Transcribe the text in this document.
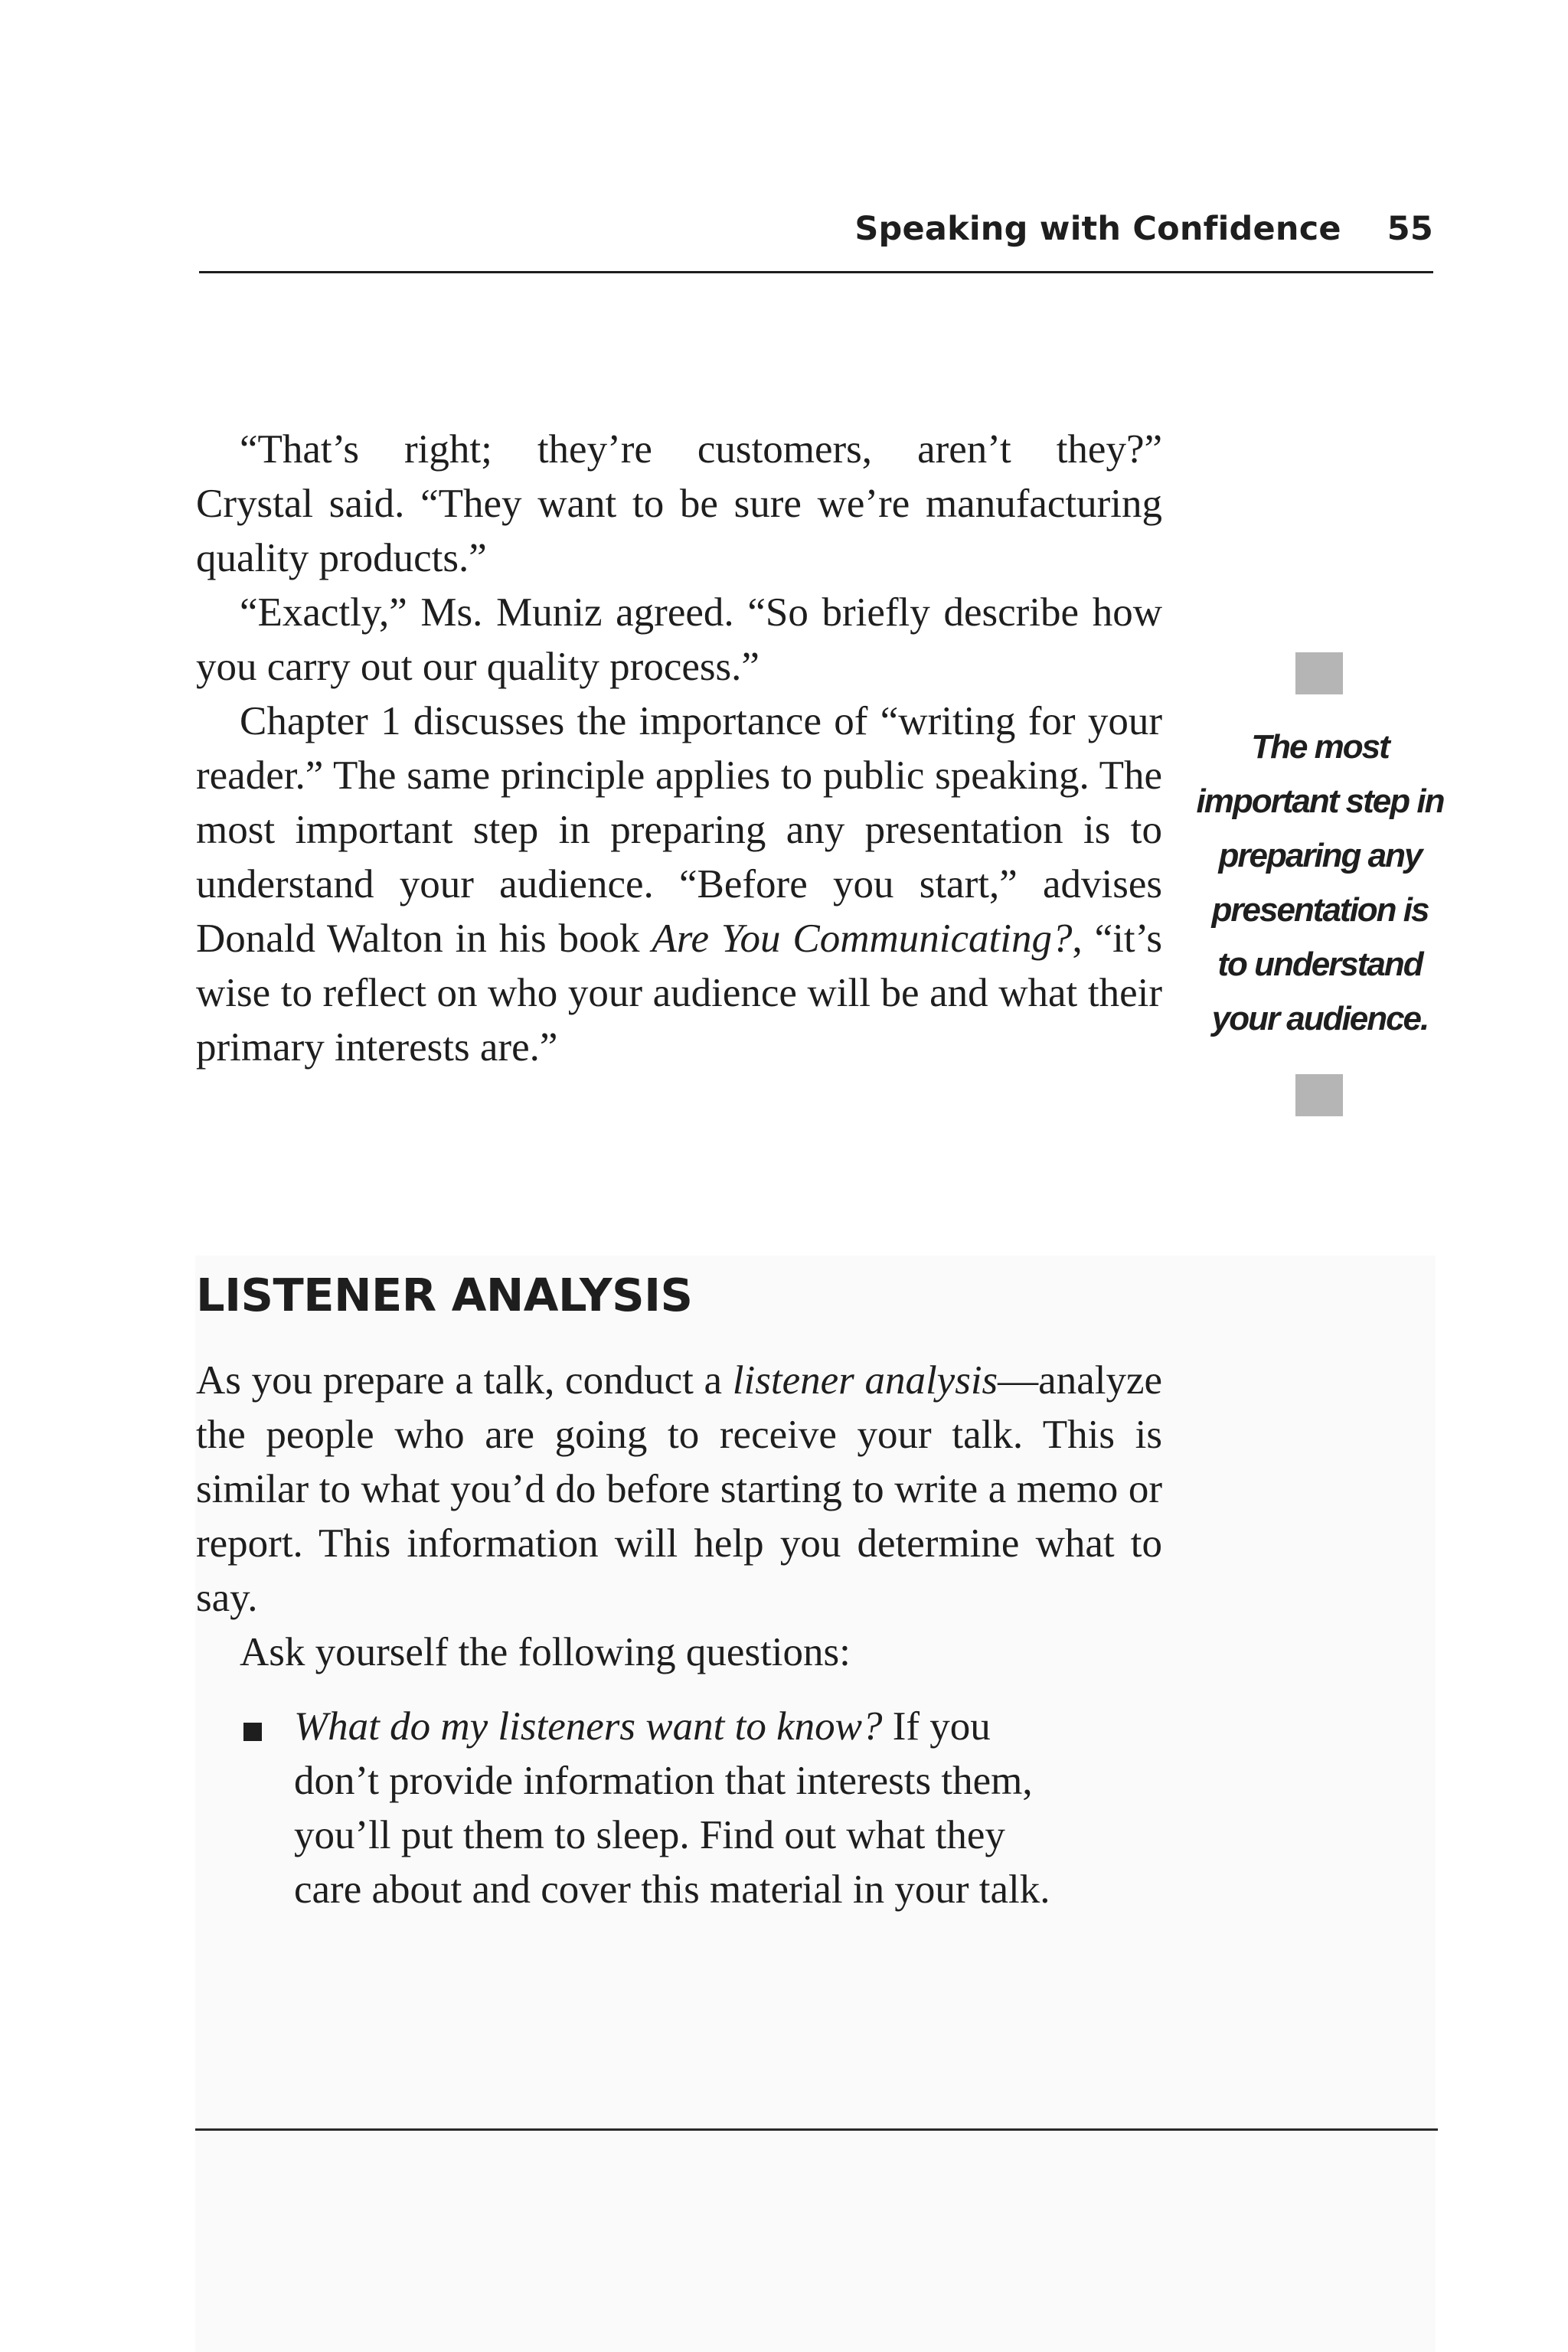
Speaking with Confidence 55

“That’s right; they’re customers, aren’t they?”

Crystal said. “They want to be sure we’re manufacturing quality products.”

“Exactly,” Ms. Muniz agreed. “So briefly describe how you carry out our quality process.”

Chapter 1 discusses the importance of “writing for your reader.” The same principle applies to public speaking. The most important step in preparing any presentation is to understand your audience. “Before you start,” advises Donald Walton in his book Are You Communicating?, “it’s wise to reflect on who your audience will be and what their primary interests are.”

The most important step in preparing any presentation is to understand your audience.
LISTENER ANALYSIS

As you prepare a talk, conduct a listener analysis—analyze the people who are going to receive your talk. This is similar to what you’d do before starting to write a memo or report. This information will help you determine what to say.

Ask yourself the following questions:

What do my listeners want to know? If you don’t provide information that interests them, you’ll put them to sleep. Find out what they care about and cover this material in your talk.
